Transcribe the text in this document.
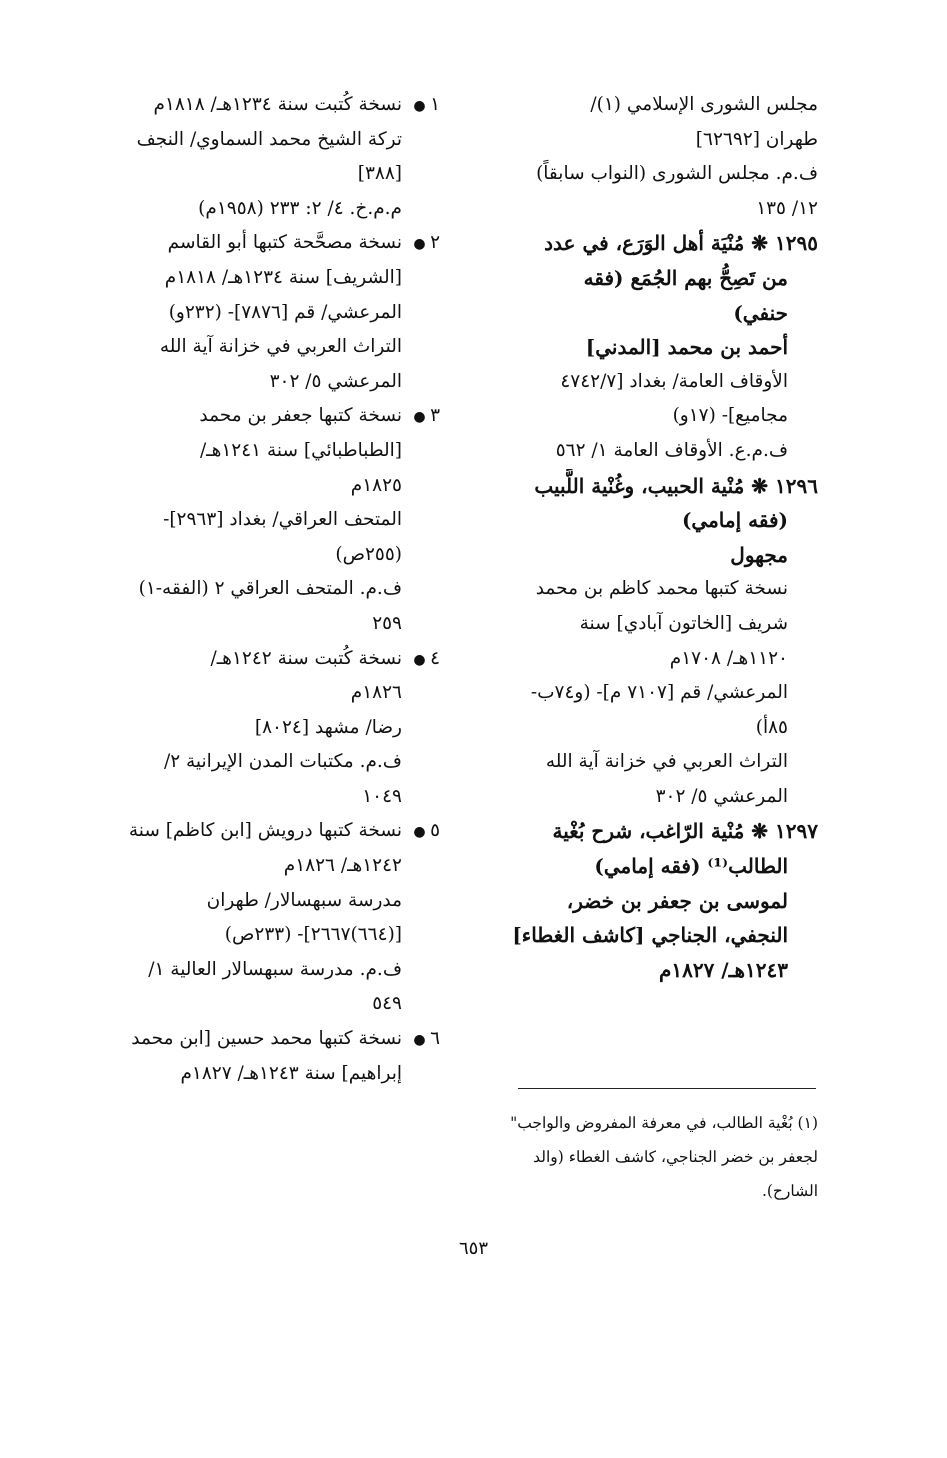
مجلس الشورى الإسلامي (١)/
طهران [٦٢٦٩٢]
ف.م. مجلس الشورى (النواب سابقاً)
١٢/ ١٣٥
١٢٩٥ ❋ مُنْيَة أهل الوَرَع، في عدد
من تَصِحُّ بهم الجُمَع (فقه
حنفي)
أحمد بن محمد [المدني]
الأوقاف العامة/ بغداد [٤٧٤٢/٧
مجاميع]- (١٧و)
ف.م.ع. الأوقاف العامة ١/ ٥٦٢
١٢٩٦ ❋ مُنْية الحبيب، وغُنْية اللَّبيب
(فقه إمامي)
مجهول
نسخة كتبها محمد كاظم بن محمد
شريف [الخاتون آبادي] سنة
١١٢٠هـ/ ١٧٠٨م
المرعشي/ قم [٧١٠٧ م]- (و٧٤ب-
٨٥أ)
التراث العربي في خزانة آية الله
المرعشي ٥/ ٣٠٢
١٢٩٧ ❋ مُنْية الرّاغب، شرح بُغْية
الطالب⁽¹⁾ (فقه إمامي)
لموسى بن جعفر بن خضر،
النجفي، الجناجي [كاشف الغطاء]
١٢٤٣هـ/ ١٨٢٧م
١ ●
نسخة كُتبت سنة ١٢٣٤هـ/ ١٨١٨م
تركة الشيخ محمد السماوي/ النجف
[٣٨٨]
م.م.خ. ٤/ ٢: ٢٣٣ (١٩٥٨م)
٢ ●
نسخة مصحَّحة كتبها أبو القاسم
[الشريف] سنة ١٢٣٤هـ/ ١٨١٨م
المرعشي/ قم [٧٨٧٦]- (٢٣٢و)
التراث العربي في خزانة آية الله
المرعشي ٥/ ٣٠٢
٣ ●
نسخة كتبها جعفر بن محمد
[الطباطبائي] سنة ١٢٤١هـ/
١٨٢٥م
المتحف العراقي/ بغداد [٢٩٦٣]-
(٢٥٥ص)
ف.م. المتحف العراقي ٢ (الفقه-١)
٢٥٩
٤ ●
نسخة كُتبت سنة ١٢٤٢هـ/
١٨٢٦م
رضا/ مشهد [٨٠٢٤]
ف.م. مكتبات المدن الإيرانية ٢/
١٠٤٩
٥ ●
نسخة كتبها درويش [ابن كاظم] سنة
١٢٤٢هـ/ ١٨٢٦م
مدرسة سبهسالار/ طهران
[(٦٦٤)٢٦٦٧]- (٢٣٣ص)
ف.م. مدرسة سبهسالار العالية ١/
٥٤٩
٦ ●
نسخة كتبها محمد حسين [ابن محمد
إبراهيم] سنة ١٢٤٣هـ/ ١٨٢٧م
(١) بُغْية الطالب، في معرفة المفروض والواجب"
لجعفر بن خضر الجناجي، كاشف الغطاء (والد
الشارح).
٦٥٣
